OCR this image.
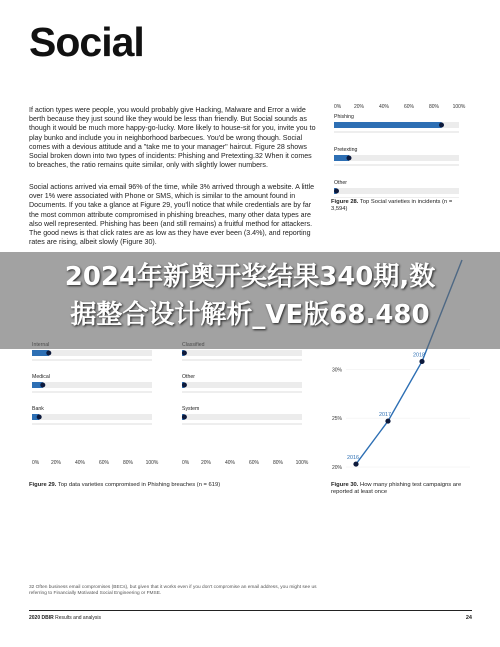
Social

If action types were people, you would probably give Hacking, Malware and Error a wide berth because they just sound like they would be less than friendly. But Social sounds as though it would be much more happy-go-lucky. More likely to house-sit for you, invite you to play bunko and include you in neighborhood barbecues. You'd be wrong though. Social comes with a devious attitude and a "take me to your manager" haircut. Figure 28 shows Social broken down into two types of incidents: Phishing and Pretexting.32 When it comes to breaches, the ratio remains quite similar, only with slightly lower numbers.

Social actions arrived via email 96% of the time, while 3% arrived through a website. A little over 1% were associated with Phone or SMS, which is similar to the amount found in Documents. If you take a glance at Figure 29, you'll notice that while credentials are by far the most common attribute compromised in phishing breaches, many other data types are also well represented. Phishing has been (and still remains) a fruitful method for attackers. The good news is that click rates are as low as they have ever been (3.4%), and reporting rates are rising, albeit slowly (Figure 30).

0%	20%	40%	60%	80%	100%
Phishing
Pretexting
Other
Figure 28. Top Social varieties in incidents (n = 3,594)
Medical	Other
Bank	System
0% 20%	40%	60%	80%	100%	0% 20%	40%	60%	80%	100%
Figure 29. Top data varieties compromised in Phishing breaches (n = 619)
30%
25%
20%
2016
2017
2018
Figure 30. How many phishing test campaigns are reported at least once
32 Often business email compromises (BECs), but given that it works even if you don't compromise an email address, you might see us referring to Financially Motivated Social Engineering or FMSE.
2020 DBIR Results and analysis	24
2024年新奥开奖结果340期,数
据整合设计解析_VE版68.480
